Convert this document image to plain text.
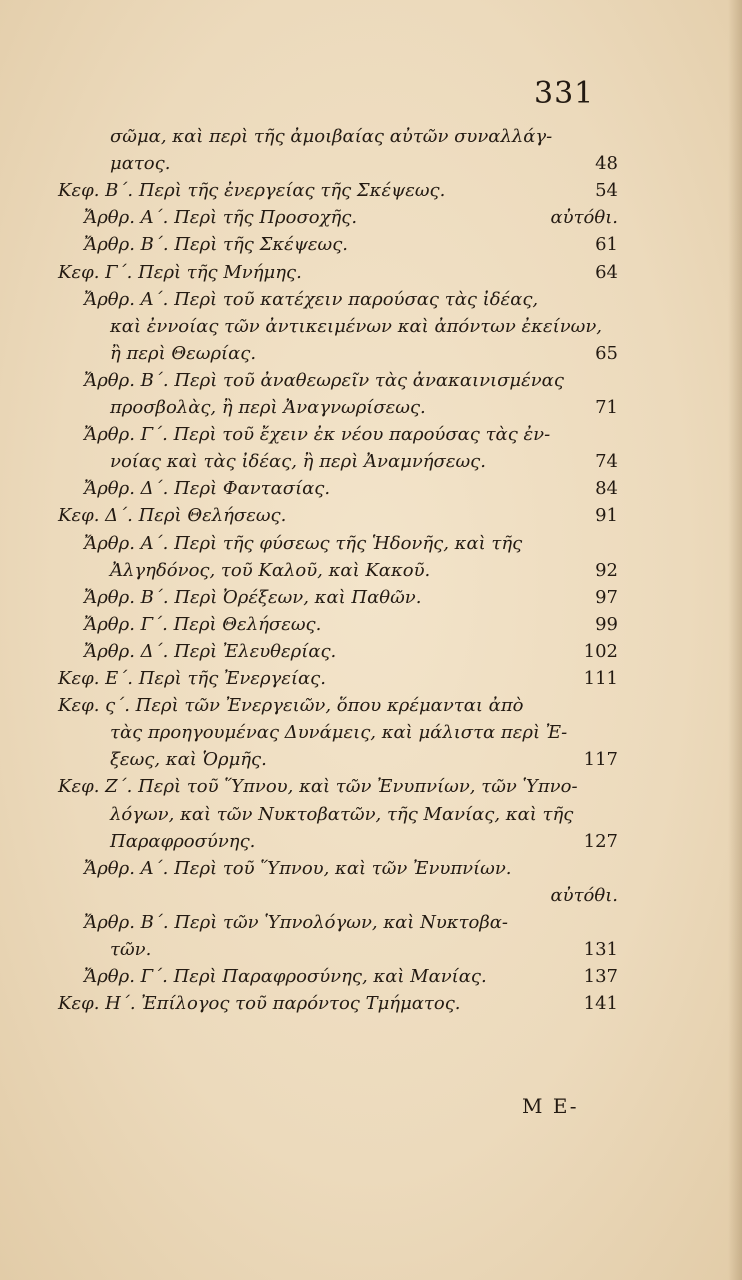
331
σῶμα, καὶ περὶ τῆς ἀμοιβαίας αὐτῶν συναλλάγ-
ματος.	48
Κεφ. Β΄. Περὶ τῆς ἐνεργείας τῆς Σκέψεως.	54
Ἄρθρ. Α΄. Περὶ τῆς Προσοχῆς.	αὐτόθι.
Ἄρθρ. Β΄. Περὶ τῆς Σκέψεως.	61
Κεφ. Γ΄. Περὶ τῆς Μνήμης.	64
Ἄρθρ. Α΄. Περὶ τοῦ κατέχειν παρούσας τὰς ἰδέας,
καὶ ἐννοίας τῶν ἀντικειμένων καὶ ἀπόντων ἐκείνων,
ἢ περὶ Θεωρίας.	65
Ἄρθρ. Β΄. Περὶ τοῦ ἀναθεωρεῖν τὰς ἀνακαινισμένας
προσβολὰς, ἢ περὶ Ἀναγνωρίσεως.	71
Ἄρθρ. Γ΄. Περὶ τοῦ ἔχειν ἐκ νέου παρούσας τὰς ἐν-
νοίας καὶ τὰς ἰδέας, ἢ περὶ Ἀναμνήσεως.	74
Ἄρθρ. Δ΄. Περὶ Φαντασίας.	84
Κεφ. Δ΄. Περὶ Θελήσεως.	91
Ἄρθρ. Α΄. Περὶ τῆς φύσεως τῆς Ἡδονῆς, καὶ τῆς
Ἀλγηδόνος, τοῦ Καλοῦ, καὶ Κακοῦ.	92
Ἄρθρ. Β΄. Περὶ Ὀρέξεων, καὶ Παθῶν.	97
Ἄρθρ. Γ΄. Περὶ Θελήσεως.	99
Ἄρθρ. Δ΄. Περὶ Ἐλευθερίας.	102
Κεφ. Ε΄. Περὶ τῆς Ἐνεργείας.	111
Κεφ. ς΄. Περὶ τῶν Ἐνεργειῶν, ὅπου κρέμανται ἀπὸ
τὰς προηγουμένας Δυνάμεις, καὶ μάλιστα περὶ Ἐ-
ξεως, καὶ Ὁρμῆς.	117
Κεφ. Ζ΄. Περὶ τοῦ Ὕπνου, καὶ τῶν Ἐνυπνίων, τῶν Ὑπνο-
λόγων, καὶ τῶν Νυκτοβατῶν, τῆς Μανίας, καὶ τῆς
Παραφροσύνης.	127
Ἄρθρ. Α΄. Περὶ τοῦ Ὕπνου, καὶ τῶν Ἐνυπνίων.
αὐτόθι.
Ἄρθρ. Β΄. Περὶ τῶν Ὑπνολόγων, καὶ Νυκτοβα-
τῶν.	131
Ἄρθρ. Γ΄. Περὶ Παραφροσύνης, καὶ Μανίας.	137
Κεφ. Η΄. Ἐπίλογος τοῦ παρόντος Τμήματος.	141
M E-
